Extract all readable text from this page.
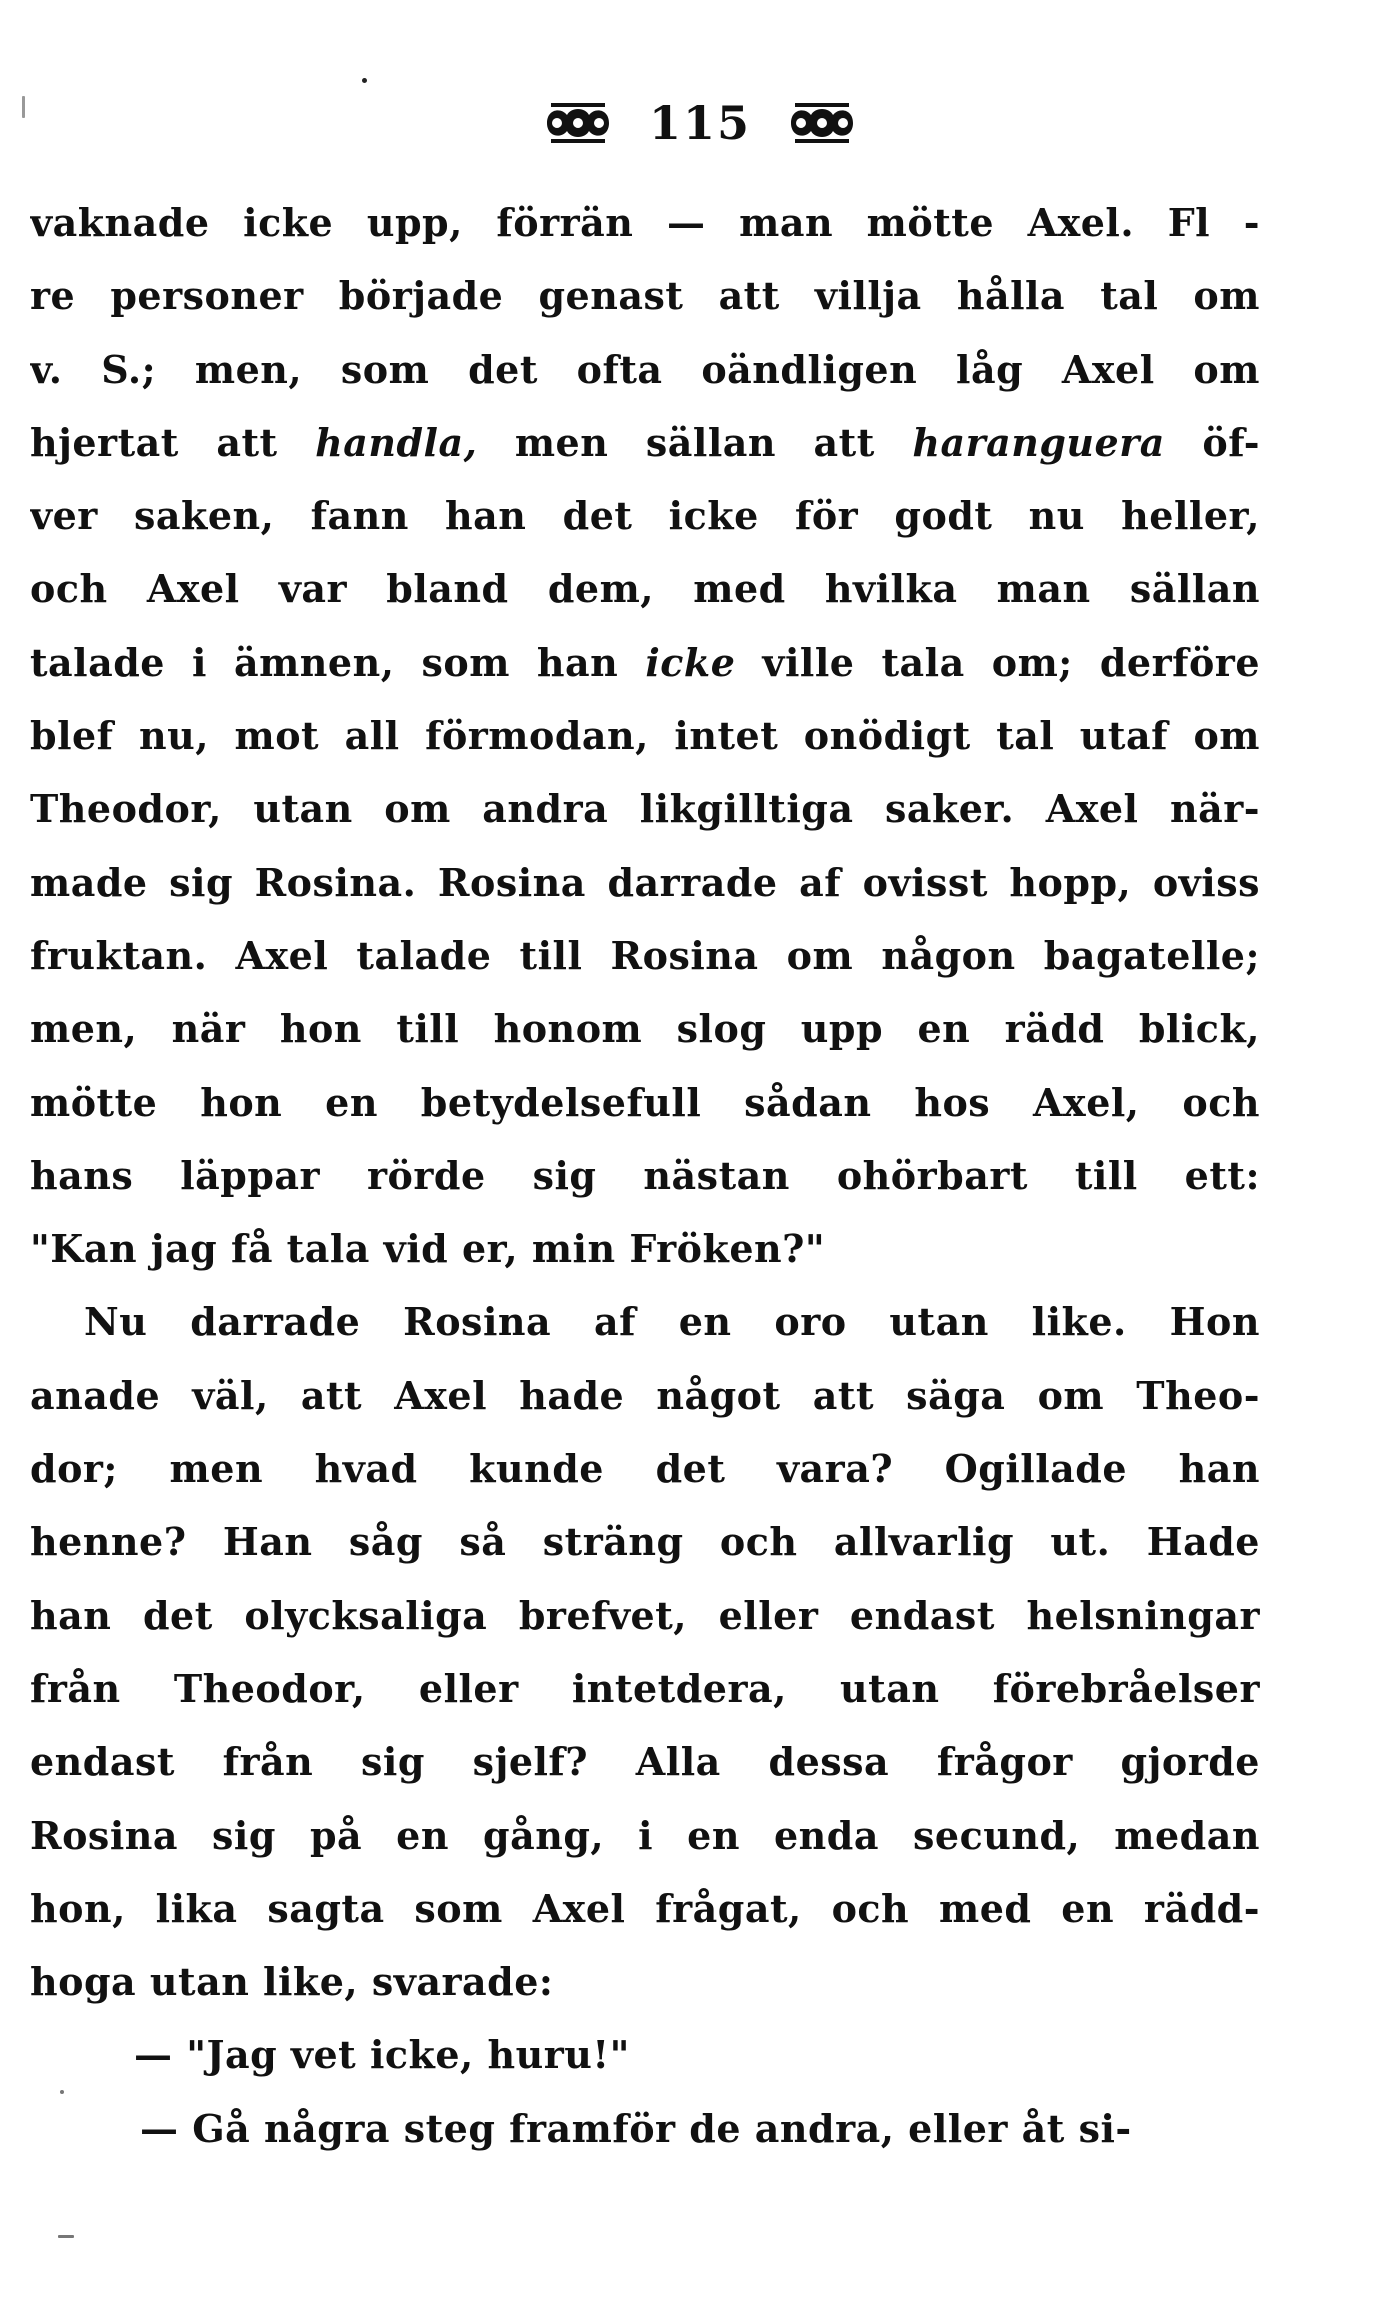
115
vaknade icke upp, förrän — man mötte Axel. Fl -
re personer började genast att villja hålla tal om
v. S.; men, som det ofta oändligen låg Axel om
hjertat att handla, men sällan att haranguera öf-
ver saken, fann han det icke för godt nu heller,
och Axel var bland dem, med hvilka man sällan
talade i ämnen, som han icke ville tala om; derföre
blef nu, mot all förmodan, intet onödigt tal utaf om
Theodor, utan om andra likgilltiga saker. Axel när-
made sig Rosina. Rosina darrade af ovisst hopp, oviss
fruktan. Axel talade till Rosina om någon bagatelle;
men, när hon till honom slog upp en rädd blick,
mötte hon en betydelsefull sådan hos Axel, och
hans läppar rörde sig nästan ohörbart till ett:
"Kan jag få tala vid er, min Fröken?"
Nu darrade Rosina af en oro utan like. Hon
anade väl, att Axel hade något att säga om Theo-
dor; men hvad kunde det vara? Ogillade han
henne? Han såg så sträng och allvarlig ut. Hade
han det olycksaliga brefvet, eller endast helsningar
från Theodor, eller intetdera, utan förebråelser
endast från sig sjelf? Alla dessa frågor gjorde
Rosina sig på en gång, i en enda secund, medan
hon, lika sagta som Axel frågat, och med en rädd-
hoga utan like, svarade:
— "Jag vet icke, huru!"
— Gå några steg framför de andra, eller åt si-
